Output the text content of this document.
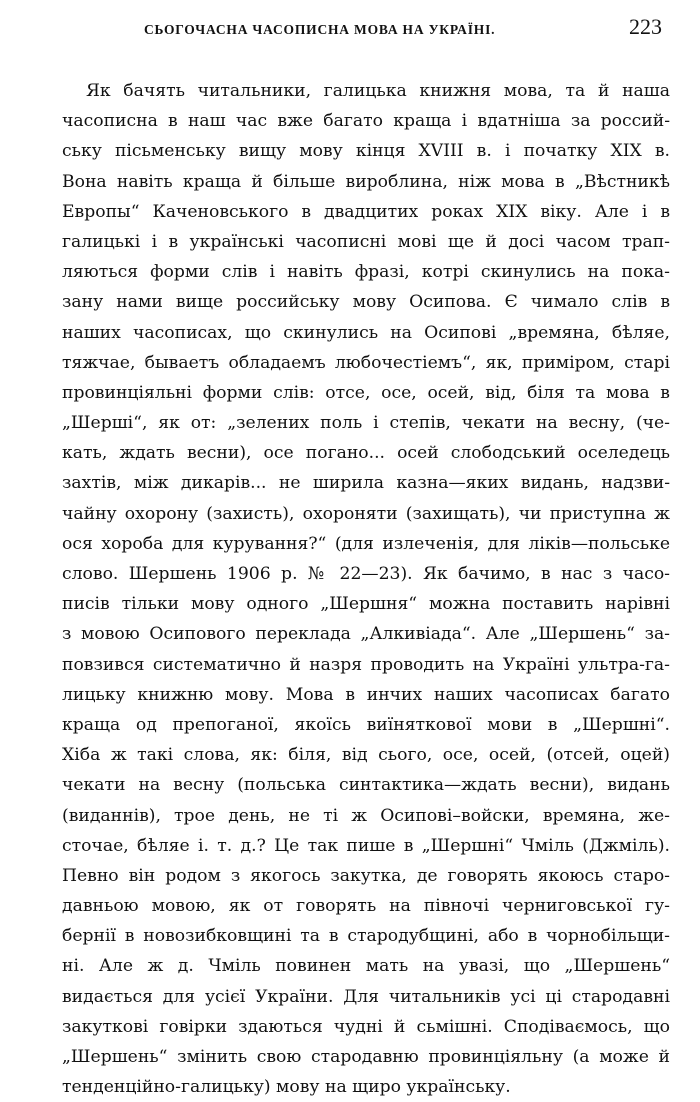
СЬОГОЧАСНА ЧАСОПИСНА МОВА НА УКРАЇНІ.	223
Як бачять читальники, галицька книжня мова, та й наша
часописна в наш час вже багато краща і вдатніша за россий-
ську пісьменську вищу мову кінця XVIII в. і початку XIX в.
Вона навіть краща й більше вироблина, ніж мова в „Вѣстникѣ
Европы“ Каченовського в двадцитих роках XIX віку. Але і в
галицькі і в українські часописні мові ще й досі часом трап-
ляються форми слів і навіть фразі, котрі скинулись на пока-
зану нами вище российську мову Осипова. Є чимало слів в
наших часописах, що скинулись на Осипові „времяна, бѣляе,
тяжчае, бываетъ обладаемъ любочестіемъ“, як, примірoм, старі
провинціяльні форми слів: отсе, осе, осей, від, біля та мова в
„Шерші“, як от: „зелених поль і степів, чекати на весну, (че-
кать, ждать весни), осе погано... осей слободський оселедець
захтів, між дикарів... не ширила казна—яких видань, надзви-
чайну охорону (захисть), охороняти (захищать), чи приступна ж
ося хороба для курування?“ (для излеченія, для ліків—польське
слово. Шершень 1906 р. № 22—23). Як бачимо, в нас з часо-
писів тільки мову одного „Шершня“ можна поставить нарівні
з мовою Осипового переклада „Алкивіада“. Але „Шершень“ за-
повзився систематично й назря проводить на Україні ультра-га-
лицьку книжню мову. Мова в инчих наших часописах багато
краща од препоганої, якоїсь виїняткової мови в „Шершні“.
Хіба ж такі слова, як: біля, від сього, осе, осей, (отсей, оцей)
чекати на весну (польська синтактика—ждать весни), видань
(виданнів), трое день, не ті ж Осипові–войски, времяна, же-
сточае, бѣляе і. т. д.? Це так пише в „Шершні“ Чміль (Джміль).
Певно він родом з якогось закутка, де говорять якоюсь старо-
давньою мовою, як от говорять на півночі черниговської гу-
бернії в новозибковщині та в стародубщині, або в чорнобільщи-
ні. Але ж д. Чміль повинен мать на увазі, що „Шершень“
видається для усієї України. Для читальників усі ці стародавні
закуткові говірки здаються чудні й сьмішні. Сподіваємось, що
„Шершень“ змінить свою стародавню провинціяльну (а може й
тенденційно-галицьку) мову на щиро українську.
